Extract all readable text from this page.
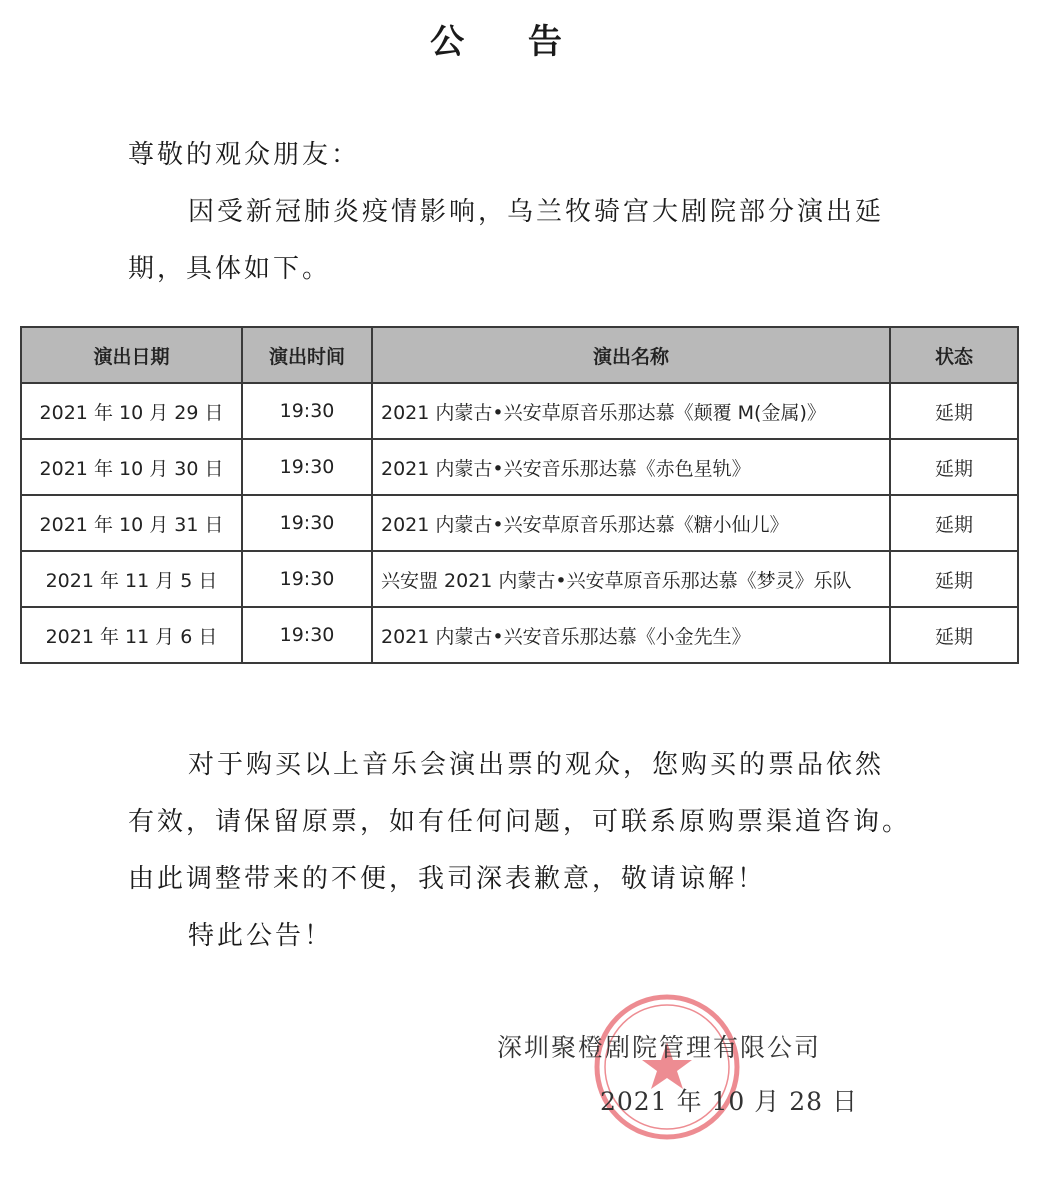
公 告
尊敬的观众朋友：
因受新冠肺炎疫情影响，乌兰牧骑宫大剧院部分演出延
期，具体如下。
演出日期	演出时间	演出名称	状态
2021 年 10 月 29 日	19:30	2021 内蒙古•兴安草原音乐那达慕《颠覆 M(金属)》	延期
2021 年 10 月 30 日	19:30	2021 内蒙古•兴安音乐那达慕《赤色星轨》	延期
2021 年 10 月 31 日	19:30	2021 内蒙古•兴安草原音乐那达慕《糖小仙儿》	延期
2021 年 11 月 5 日	19:30	兴安盟 2021 内蒙古•兴安草原音乐那达慕《梦灵》乐队	延期
2021 年 11 月 6 日	19:30	2021 内蒙古•兴安音乐那达慕《小金先生》	延期
对于购买以上音乐会演出票的观众，您购买的票品依然
有效，请保留原票，如有任何问题，可联系原购票渠道咨询。
由此调整带来的不便，我司深表歉意，敬请谅解！
特此公告！
深圳聚橙剧院管理有限公司
2021 年 10 月 28 日
